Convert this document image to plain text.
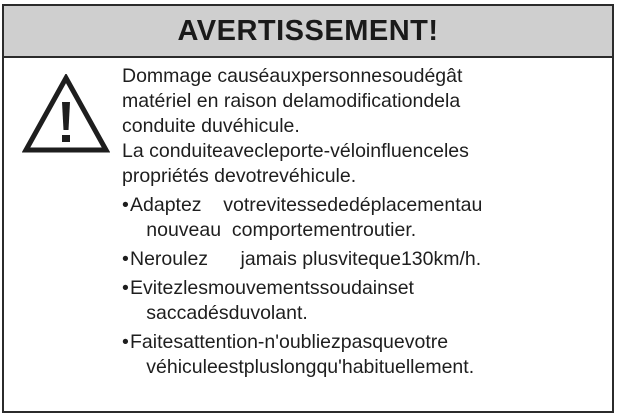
AVERTISSEMENT!

Dommage causéauxpersonnesoudégât
matériel en raison delamodificationdela
conduite duvéhicule.

La conduiteavecleporte-véloinfluenceles
propriétés devotrevéhicule.

• Adaptez    votrevitessededéplacementau
nouveau  comportementroutier.
• Neroulez      jamais plusviteque130km/h.
• Evitezlesmouvementssoudainset
saccadésduvolant.
• Faitesattention-n'oubliezpasquevotre
véhiculeestpluslongqu'habituellement.
